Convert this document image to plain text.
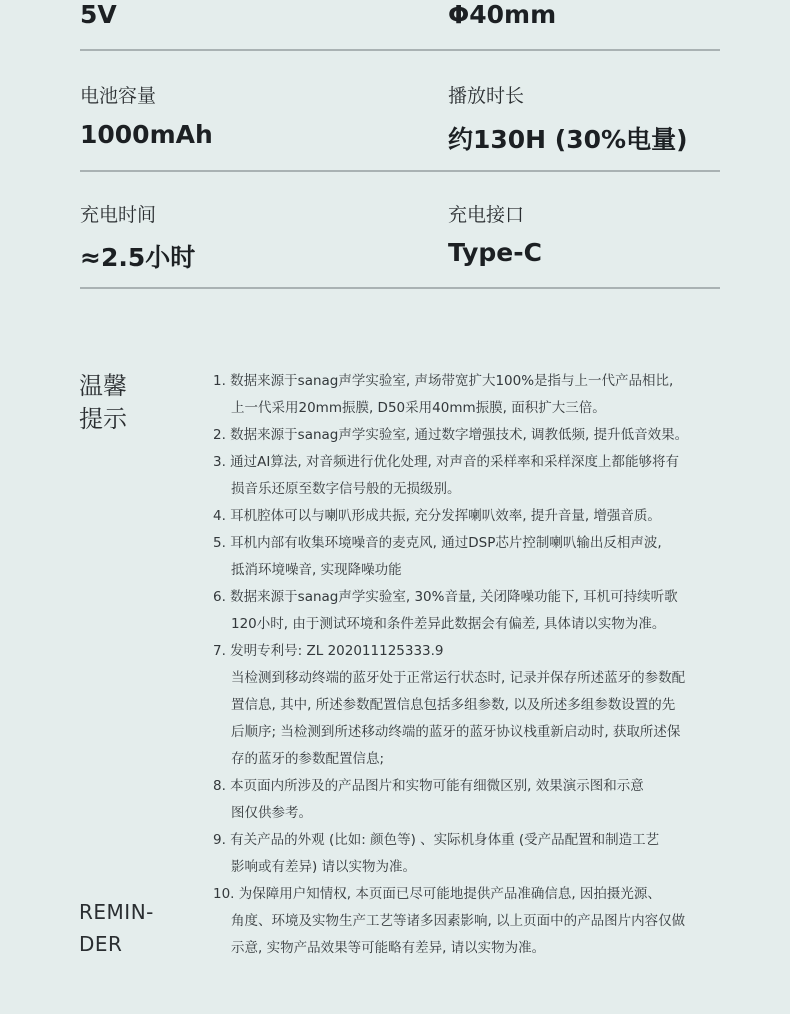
5V	Φ40mm
电池容量
1000mAh
播放时长
约130H (30%电量)
充电时间
≈2.5小时
充电接口
Type-C
温馨
提示
REMIN-
DER
1. 数据来源于sanag声学实验室, 声场带宽扩大100%是指与上一代产品相比,
上一代采用20mm振膜, D50采用40mm振膜, 面积扩大三倍。
2. 数据来源于sanag声学实验室, 通过数字增强技术, 调教低频, 提升低音效果。
3. 通过AI算法, 对音频进行优化处理, 对声音的采样率和采样深度上都能够将有
损音乐还原至数字信号般的无损级别。
4. 耳机腔体可以与喇叭形成共振, 充分发挥喇叭效率, 提升音量, 增强音质。
5. 耳机内部有收集环境噪音的麦克风, 通过DSP芯片控制喇叭输出反相声波,
抵消环境噪音, 实现降噪功能
6. 数据来源于sanag声学实验室, 30%音量, 关闭降噪功能下, 耳机可持续听歌
120小时, 由于测试环境和条件差异此数据会有偏差, 具体请以实物为准。
7. 发明专利号: ZL 202011125333.9
当检测到移动终端的蓝牙处于正常运行状态时, 记录并保存所述蓝牙的参数配
置信息, 其中, 所述参数配置信息包括多组参数, 以及所述多组参数设置的先
后顺序; 当检测到所述移动终端的蓝牙的蓝牙协议栈重新启动时, 获取所述保
存的蓝牙的参数配置信息;
8. 本页面内所涉及的产品图片和实物可能有细微区别, 效果演示图和示意
图仅供参考。
9. 有关产品的外观 (比如: 颜色等) 、实际机身体重 (受产品配置和制造工艺
影响或有差异) 请以实物为准。
10. 为保障用户知情权, 本页面已尽可能地提供产品准确信息, 因拍摄光源、
角度、环境及实物生产工艺等诸多因素影响, 以上页面中的产品图片内容仅做
示意, 实物产品效果等可能略有差异, 请以实物为准。
